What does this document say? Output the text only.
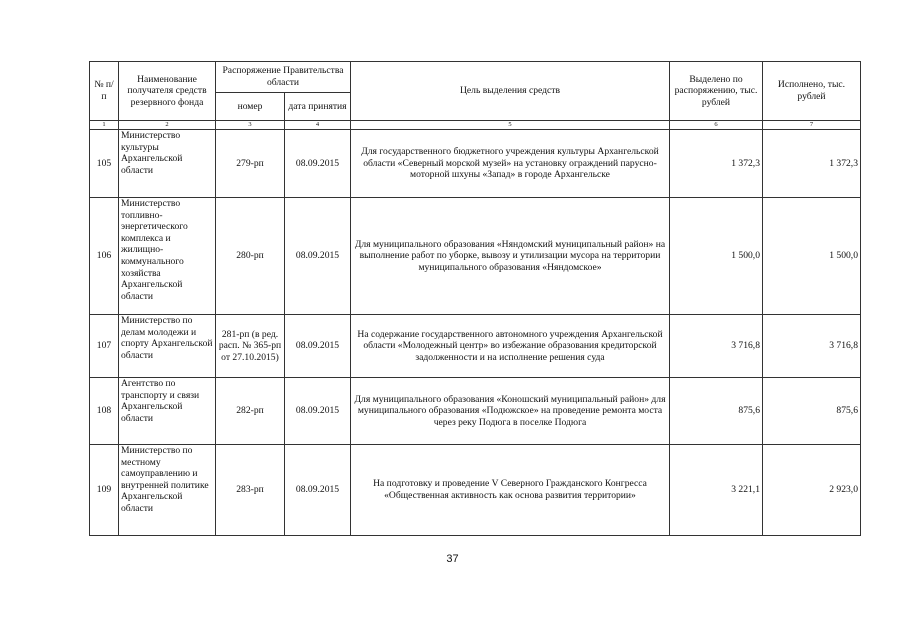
№ п/п	Наименование получателя средств резервного фонда	Распоряжение Правительства области		Цель выделения средств	Выделено по распоряжению, тыс. рублей	Исполнено, тыс. рублей
		номер	дата принятия			
1	2	3	4	5	6	7
105	Министерство культуры Архангельской области	279-рп	08.09.2015	Для государственного бюджетного учреждения культуры Архангельской области «Северный морской музей» на установку ограждений парусно-моторной шхуны «Запад» в городе Архангельске	1 372,3	1 372,3
106	Министерство топливно-энергетического комплекса и жилищно-коммунального хозяйства Архангельской области	280-рп	08.09.2015	Для муниципального образования «Няндомский муниципальный район» на выполнение работ по уборке, вывозу и утилизации мусора на территории муниципального образования «Няндомское»	1 500,0	1 500,0
107	Министерство по делам молодежи и спорту Архангельской области	281-рп (в ред. расп. № 365-рп от 27.10.2015)	08.09.2015	На содержание государственного автономного учреждения Архангельской области «Молодежный центр» во избежание образования кредиторской задолженности и на исполнение решения суда	3 716,8	3 716,8
108	Агентство по транспорту и связи Архангельской области	282-рп	08.09.2015	Для муниципального образования «Коношский муниципальный район» для муниципального образования «Подюжское» на проведение ремонта моста через реку Подюга в поселке Подюга	875,6	875,6
109	Министерство по местному самоуправлению и внутренней политике Архангельской области	283-рп	08.09.2015	На подготовку и проведение V Северного Гражданского Конгресса «Общественная активность как основа развития территории»	3 221,1	2 923,0
37
